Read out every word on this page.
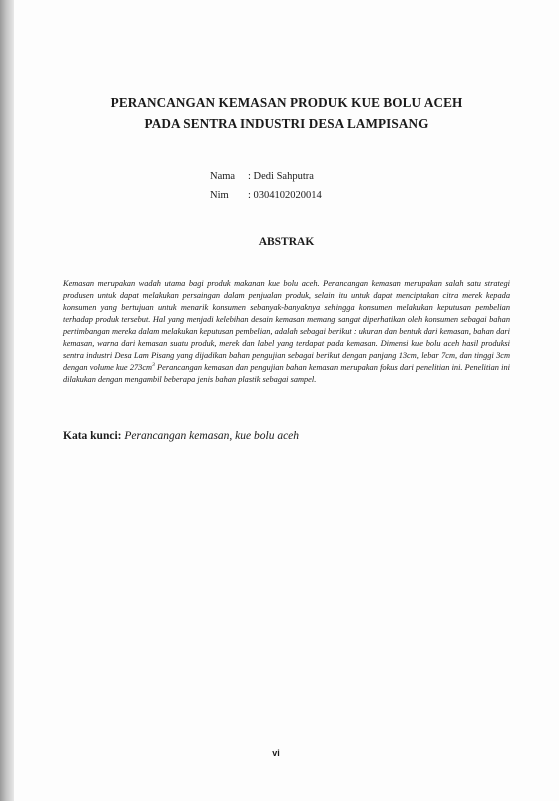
PERANCANGAN KEMASAN PRODUK KUE BOLU ACEH
PADA SENTRA INDUSTRI DESA LAMPISANG
Nama : Dedi Sahputra
Nim : 0304102020014
ABSTRAK
Kemasan merupakan wadah utama bagi produk makanan kue bolu aceh. Perancangan kemasan merupakan salah satu strategi produsen untuk dapat melakukan persaingan dalam penjualan produk, selain itu untuk dapat menciptakan citra merek kepada konsumen yang bertujuan untuk menarik konsumen sebanyak-banyaknya sehingga konsumen melakukan keputusan pembelian terhadap produk tersebut. Hal yang menjadi kelebihan desain kemasan memang sangat diperhatikan oleh konsumen sebagai bahan pertimbangan mereka dalam melakukan keputusan pembelian, adalah sebagai berikut : ukuran dan bentuk dari kemasan, bahan dari kemasan, warna dari kemasan suatu produk, merek dan label yang terdapat pada kemasan. Dimensi kue bolu aceh hasil produksi sentra industri Desa Lam Pisang yang dijadikan bahan pengujian sebagai berikut dengan panjang 13cm, lebar 7cm, dan tinggi 3cm dengan volume kue $273cm^3$ Perancangan kemasan dan pengujian bahan kemasan merupakan fokus dari penelitian ini. Penelitian ini dilakukan dengan mengambil beberapa jenis bahan plastik sebagai sampel.
Kata kunci: Perancangan kemasan, kue bolu aceh
vi
